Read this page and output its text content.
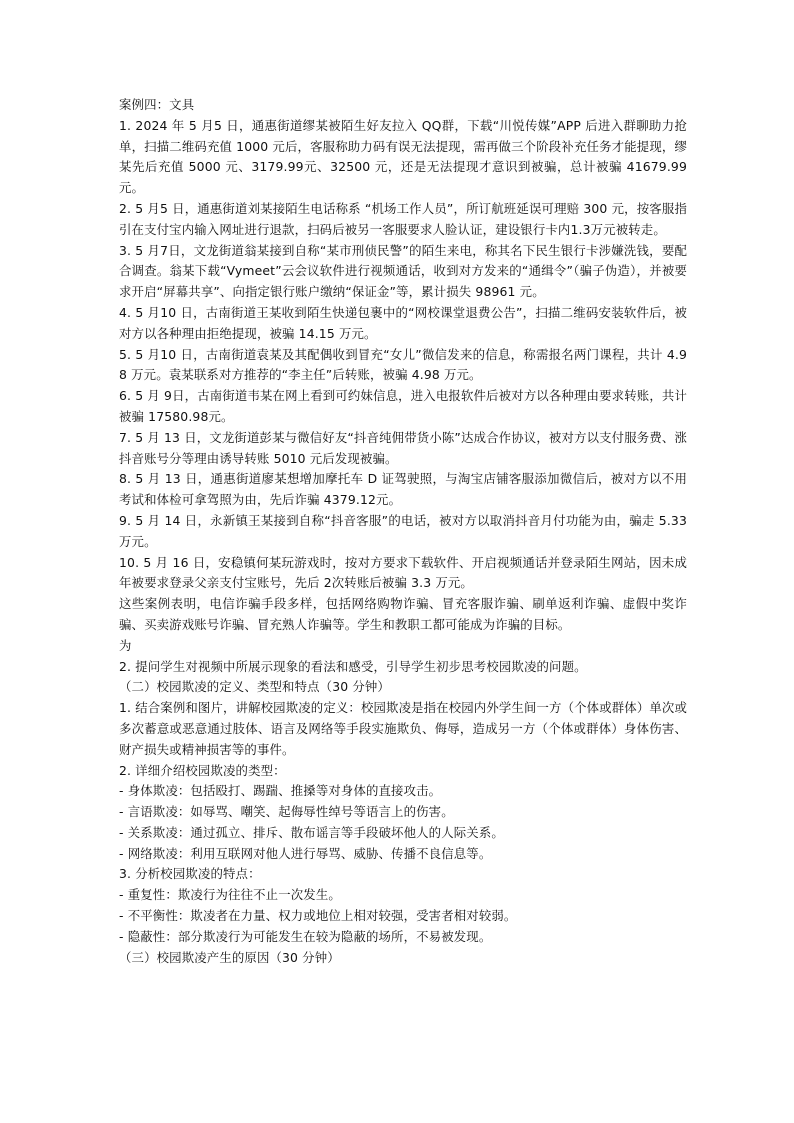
案例四：文具

1. 2024 年 5 月5 日，通惠街道缪某被陌生好友拉入 QQ群，下载“川悦传媒”APP 后进入群聊助力抢单，扫描二维码充值 1000 元后，客服称助力码有误无法提现，需再做三个阶段补充任务才能提现，缪某先后充值 5000 元、3179.99元、32500 元，还是无法提现才意识到被骗，总计被骗 41679.99元。

2. 5 月5 日，通惠街道刘某接陌生电话称系 “机场工作人员”，所订航班延误可理赔 300 元，按客服指引在支付宝内输入网址进行退款，扫码后被另一客服要求人脸认证，建设银行卡内1.3万元被转走。

3. 5 月7日，文龙街道翁某接到自称“某市刑侦民警”的陌生来电，称其名下民生银行卡涉嫌洗钱，要配合调查。翁某下载“Vymeet”云会议软件进行视频通话，收到对方发来的“通缉令”（骗子伪造），并被要求开启“屏幕共享”、向指定银行账户缴纳“保证金”等，累计损失 98961 元。

4. 5 月10 日，古南街道王某收到陌生快递包裹中的“网校课堂退费公告”，扫描二维码安装软件后，被对方以各种理由拒绝提现，被骗 14.15 万元。

5. 5 月10 日，古南街道袁某及其配偶收到冒充“女儿”微信发来的信息，称需报名两门课程，共计 4.98 万元。袁某联系对方推荐的“李主任”后转账，被骗 4.98 万元。

6. 5 月 9日，古南街道韦某在网上看到可约妹信息，进入电报软件后被对方以各种理由要求转账，共计被骗 17580.98元。

7. 5 月 13 日，文龙街道彭某与微信好友“抖音纯佣带货小陈”达成合作协议，被对方以支付服务费、涨抖音账号分等理由诱导转账 5010 元后发现被骗。

8. 5 月 13 日，通惠街道廖某想增加摩托车 D 证驾驶照，与淘宝店铺客服添加微信后，被对方以不用考试和体检可拿驾照为由，先后诈骗 4379.12元。

9. 5 月 14 日，永新镇王某接到自称“抖音客服”的电话，被对方以取消抖音月付功能为由，骗走 5.33 万元。

10. 5 月 16 日，安稳镇何某玩游戏时，按对方要求下载软件、开启视频通话并登录陌生网站，因未成年被要求登录父亲支付宝账号，先后 2次转账后被骗 3.3 万元。

这些案例表明，电信诈骗手段多样，包括网络购物诈骗、冒充客服诈骗、刷单返利诈骗、虚假中奖诈骗、买卖游戏账号诈骗、冒充熟人诈骗等。学生和教职工都可能成为诈骗的目标。

为

2. 提问学生对视频中所展示现象的看法和感受，引导学生初步思考校园欺凌的问题。

（二）校园欺凌的定义、类型和特点（30 分钟）

1. 结合案例和图片，讲解校园欺凌的定义：校园欺凌是指在校园内外学生间一方（个体或群体）单次或多次蓄意或恶意通过肢体、语言及网络等手段实施欺负、侮辱，造成另一方（个体或群体）身体伤害、财产损失或精神损害等的事件。

2. 详细介绍校园欺凌的类型：

- 身体欺凌：包括殴打、踢踹、推搡等对身体的直接攻击。

- 言语欺凌：如辱骂、嘲笑、起侮辱性绰号等语言上的伤害。

- 关系欺凌：通过孤立、排斥、散布谣言等手段破坏他人的人际关系。

- 网络欺凌：利用互联网对他人进行辱骂、威胁、传播不良信息等。

3. 分析校园欺凌的特点：

- 重复性：欺凌行为往往不止一次发生。

- 不平衡性：欺凌者在力量、权力或地位上相对较强，受害者相对较弱。

- 隐蔽性：部分欺凌行为可能发生在较为隐蔽的场所，不易被发现。

（三）校园欺凌产生的原因（30 分钟）
